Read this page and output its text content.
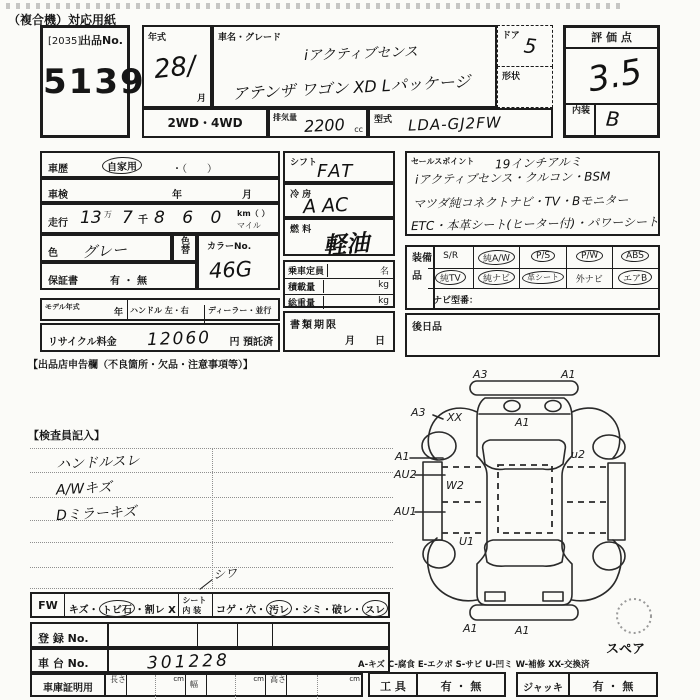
（複合機）対応用紙
[2035]
出品No.
5139
年式
28/
月
車名・グレード
iアクティブセンス
アテンザ ワゴン XD Lパッケージ
ドア 5
形状
評 価 点
3.5
内装 B
2WD・4WD	排気量 2200 cc
型式 LDA-GJ2FW
車歴	自家用	・（　　）
車検	年	月
走行 13 万 7 千 8 6 0 km（ ）
マイル
色 グレー	色替	カラーNo.
46G
保証書	有 ・ 無
モデル年式
年 ハンドル 左・右	ディーラー・並行
リサイクル料金 12060 円 預託済
【出品店申告欄（不良箇所・欠品・注意事項等）】
シフト FAT
冷 房
A AC
燃 料
軽油
乗車定員	名
積載量	kg
総重量	kg
書類期限
月　　日
セールスポイント 19インチアルミ
iアクティブセンス・クルコン・BSM
マツダ純コネクトナビ・TV・Bモニター
ETC・本革シート(ヒーター付)・パワーシート
装備品
S/R	純A/W	P/S	P/W	ABS
純TV	純ナビ	革シート	外ナビ	エアB
ナビ型番：
後日品
【検査員記入】
ハンドルスレ
A/Wキズ
Dミラーキズ
シワ
FW	キズ・ トビ石 ・割レ X
シート
内 装	コゲ・穴・ 汚レ ・シミ・破レ・ スレ
登 録 No.
車 台 No.	301228
車庫証明用
長さ	cm
幅
cm 高さ	cm
A3	A1
A3 XX	A1
A1	u2
AU2
W2
AU1
U1
A1	A1
スペア
A-キズ C-腐食 E-エクボ S-サビ U-凹ミ W-補修 XX-交換済
工 具	有 ・ 無	ジャッキ	有 ・ 無
